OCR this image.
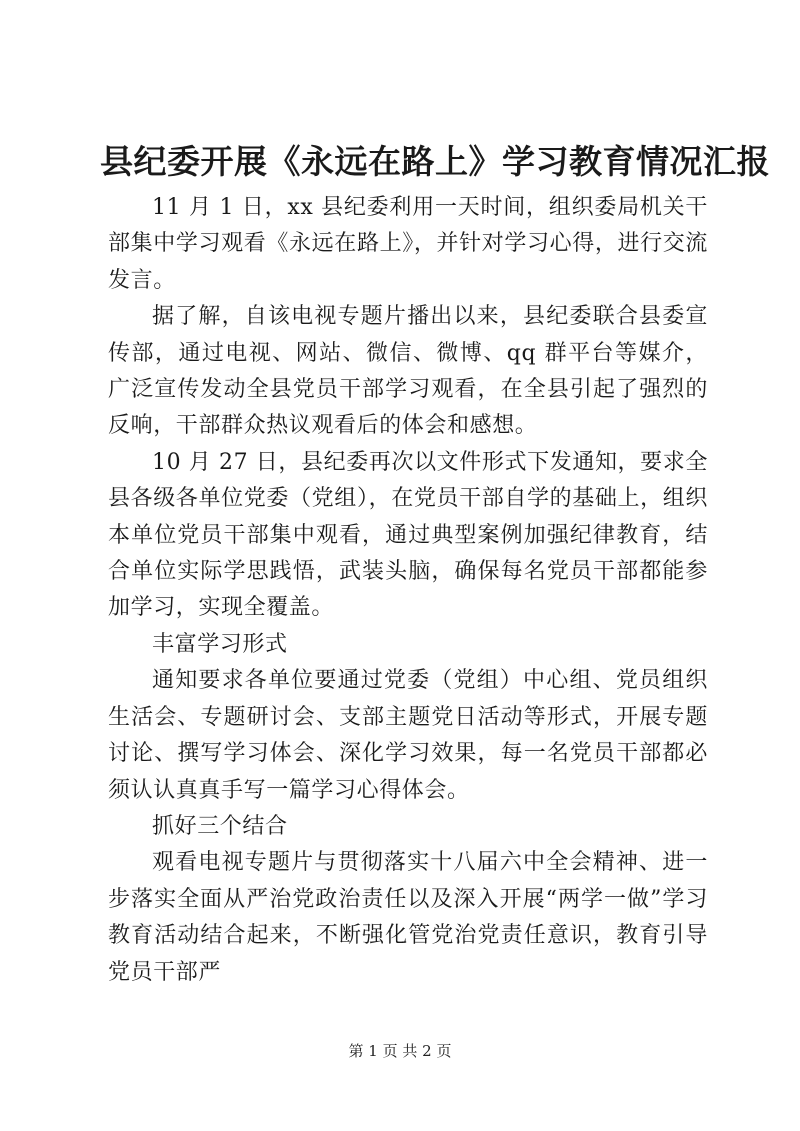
县纪委开展《永远在路上》学习教育情况汇报

11 月 1 日，xx 县纪委利用一天时间，组织委局机关干部集中学习观看《永远在路上》，并针对学习心得，进行交流发言。

据了解，自该电视专题片播出以来，县纪委联合县委宣传部，通过电视、网站、微信、微博、qq 群平台等媒介，广泛宣传发动全县党员干部学习观看，在全县引起了强烈的反响，干部群众热议观看后的体会和感想。

10 月 27 日，县纪委再次以文件形式下发通知，要求全县各级各单位党委（党组），在党员干部自学的基础上，组织本单位党员干部集中观看，通过典型案例加强纪律教育，结合单位实际学思践悟，武装头脑，确保每名党员干部都能参加学习，实现全覆盖。

丰富学习形式

通知要求各单位要通过党委（党组）中心组、党员组织生活会、专题研讨会、支部主题党日活动等形式，开展专题讨论、撰写学习体会、深化学习效果，每一名党员干部都必须认认真真手写一篇学习心得体会。

抓好三个结合

观看电视专题片与贯彻落实十八届六中全会精神、进一步落实全面从严治党政治责任以及深入开展“两学一做”学习教育活动结合起来，不断强化管党治党责任意识，教育引导党员干部严

第 1 页 共 2 页
